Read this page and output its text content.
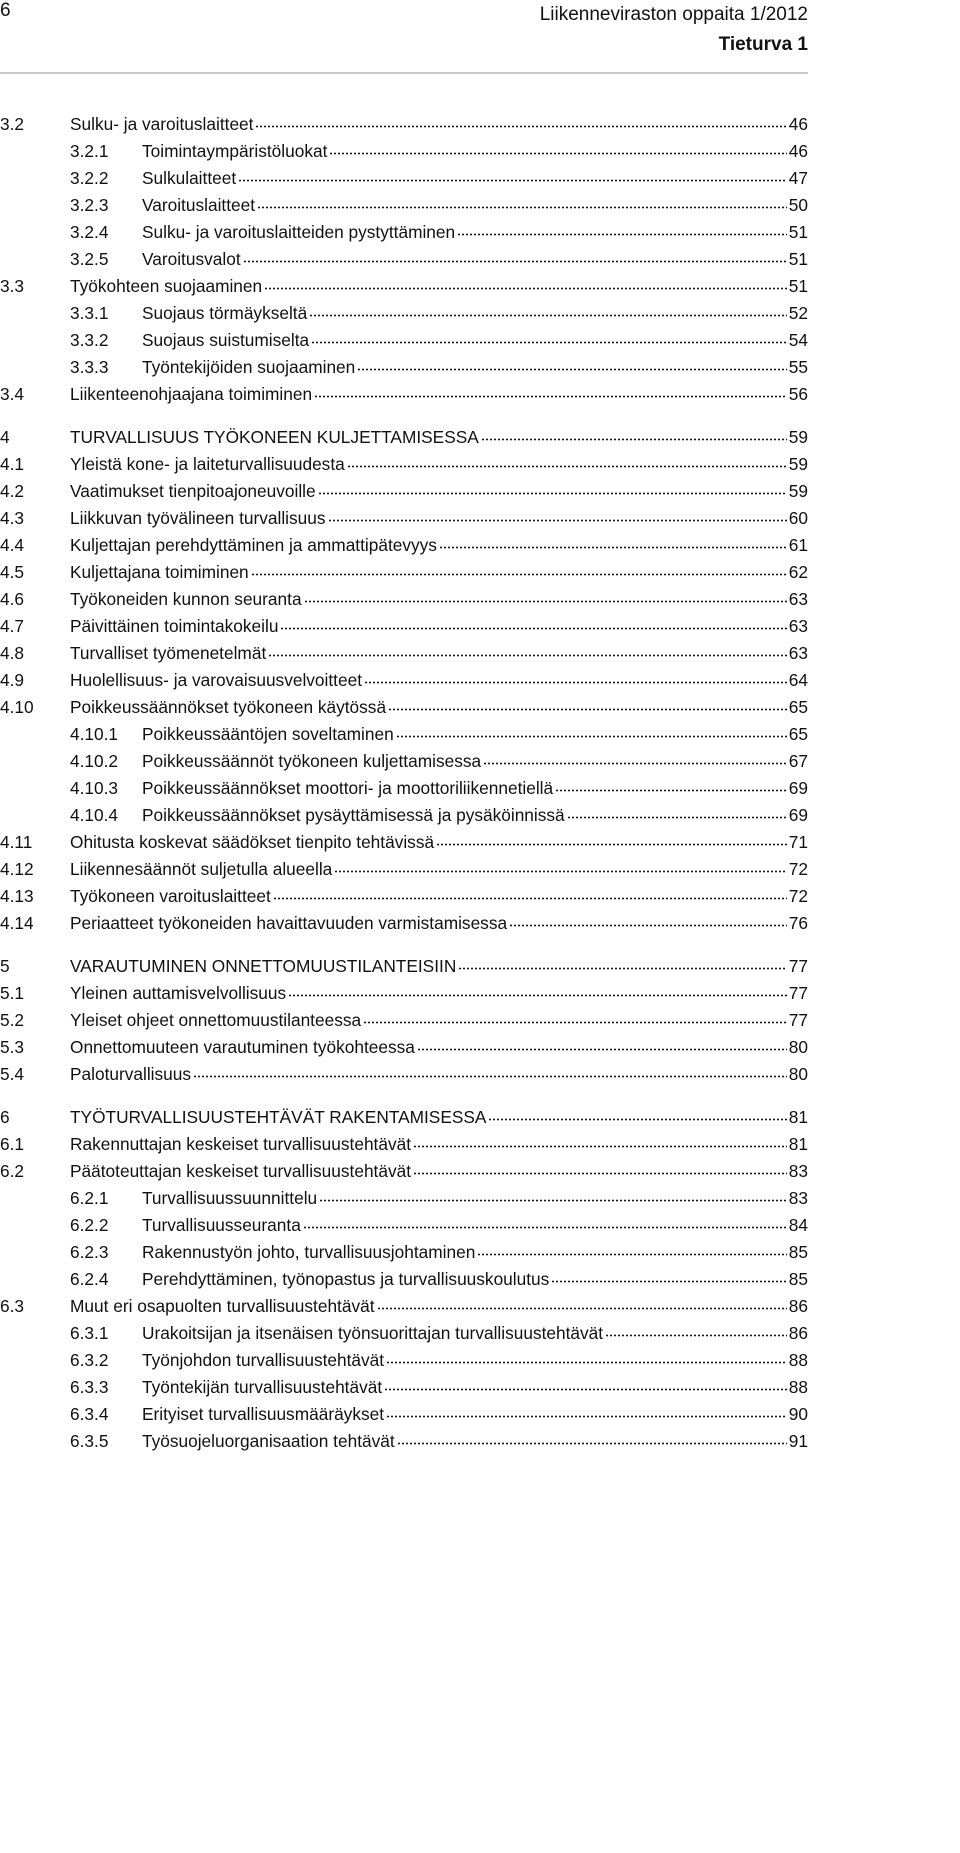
6	Liikenneviraston oppaita 1/2012
Tieturva 1
3.2	Sulku- ja varoituslaitteet	46
3.2.1	Toimintaympäristöluokat	46
3.2.2	Sulkulaitteet	47
3.2.3	Varoituslaitteet	50
3.2.4	Sulku- ja varoituslaitteiden pystyttäminen	51
3.2.5	Varoitusvalot	51
3.3	Työkohteen suojaaminen	51
3.3.1	Suojaus törmäykseltä	52
3.3.2	Suojaus suistumiselta	54
3.3.3	Työntekijöiden suojaaminen	55
3.4	Liikenteenohjaajana toimiminen	56
4	TURVALLISUUS TYÖKONEEN KULJETTAMISESSA	59
4.1	Yleistä kone- ja laiteturvallisuudesta	59
4.2	Vaatimukset tienpitoajoneuvoille	59
4.3	Liikkuvan työvälineen turvallisuus	60
4.4	Kuljettajan perehdyttäminen ja ammattipätevyys	61
4.5	Kuljettajana toimiminen	62
4.6	Työkoneiden kunnon seuranta	63
4.7	Päivittäinen toimintakokeilu	63
4.8	Turvalliset työmenetelmät	63
4.9	Huolellisuus- ja varovaisuusvelvoitteet	64
4.10	Poikkeussäännökset työkoneen käytössä	65
4.10.1	Poikkeussääntöjen soveltaminen	65
4.10.2	Poikkeussäännöt työkoneen kuljettamisessa	67
4.10.3	Poikkeussäännökset moottori- ja moottoriliikennetiellä	69
4.10.4	Poikkeussäännökset pysäyttämisessä ja pysäköinnissä	69
4.11	Ohitusta koskevat säädökset tienpito tehtävissä	71
4.12	Liikennesäännöt suljetulla alueella	72
4.13	Työkoneen varoituslaitteet	72
4.14	Periaatteet työkoneiden havaittavuuden varmistamisessa	76
5	VARAUTUMINEN ONNETTOMUUSTILANTEISIIN	77
5.1	Yleinen auttamisvelvollisuus	77
5.2	Yleiset ohjeet onnettomuustilanteessa	77
5.3	Onnettomuuteen varautuminen työkohteessa	80
5.4	Paloturvallisuus	80
6	TYÖTURVALLISUUSTEHTÄVÄT RAKENTAMISESSA	81
6.1	Rakennuttajan keskeiset turvallisuustehtävät	81
6.2	Päätoteuttajan keskeiset turvallisuustehtävät	83
6.2.1	Turvallisuussuunnittelu	83
6.2.2	Turvallisuusseuranta	84
6.2.3	Rakennustyön johto, turvallisuusjohtaminen	85
6.2.4	Perehdyttäminen, työnopastus ja turvallisuuskoulutus	85
6.3	Muut eri osapuolten turvallisuustehtävät	86
6.3.1	Urakoitsijan ja itsenäisen työnsuorittajan turvallisuustehtävät	86
6.3.2	Työnjohdon turvallisuustehtävät	88
6.3.3	Työntekijän turvallisuustehtävät	88
6.3.4	Erityiset turvallisuusmääräykset	90
6.3.5	Työsuojeluorganisaation tehtävät	91
